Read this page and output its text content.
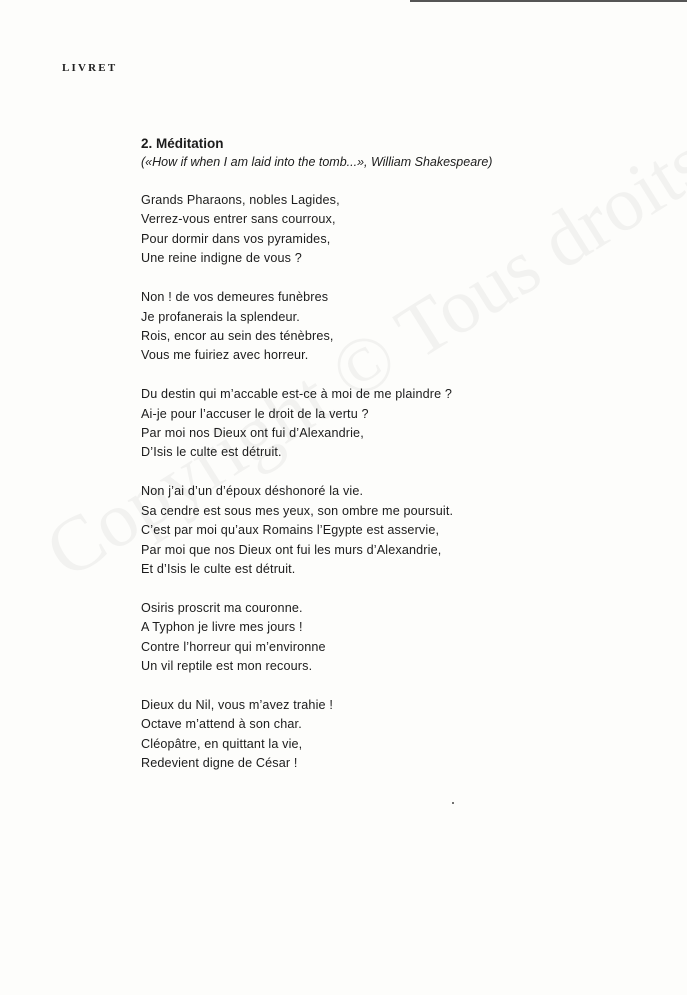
LIVRET

2. Méditation

(«How if when I am laid into the tomb...», William Shakespeare)

Grands Pharaons, nobles Lagides,
Verrez-vous entrer sans courroux,
Pour dormir dans vos pyramides,
Une reine indigne de vous ?
Non ! de vos demeures funèbres
Je profanerais la splendeur.
Rois, encor au sein des ténèbres,
Vous me fuiriez avec horreur.
Du destin qui m’accable est-ce à moi de me plaindre ?
Ai-je pour l’accuser le droit de la vertu ?
Par moi nos Dieux ont fui d’Alexandrie,
D’Isis le culte est détruit.
Non j’ai d’un d’époux déshonoré la vie.
Sa cendre est sous mes yeux, son ombre me poursuit.
C’est par moi qu’aux Romains l’Egypte est asservie,
Par moi que nos Dieux ont fui les murs d’Alexandrie,
Et d’Isis le culte est détruit.
Osiris proscrit ma couronne.
A Typhon je livre mes jours !
Contre l’horreur qui m’environne
Un vil reptile est mon recours.
Dieux du Nil, vous m’avez trahie !
Octave m’attend à son char.
Cléopâtre, en quittant la vie,
Redevient digne de César !
